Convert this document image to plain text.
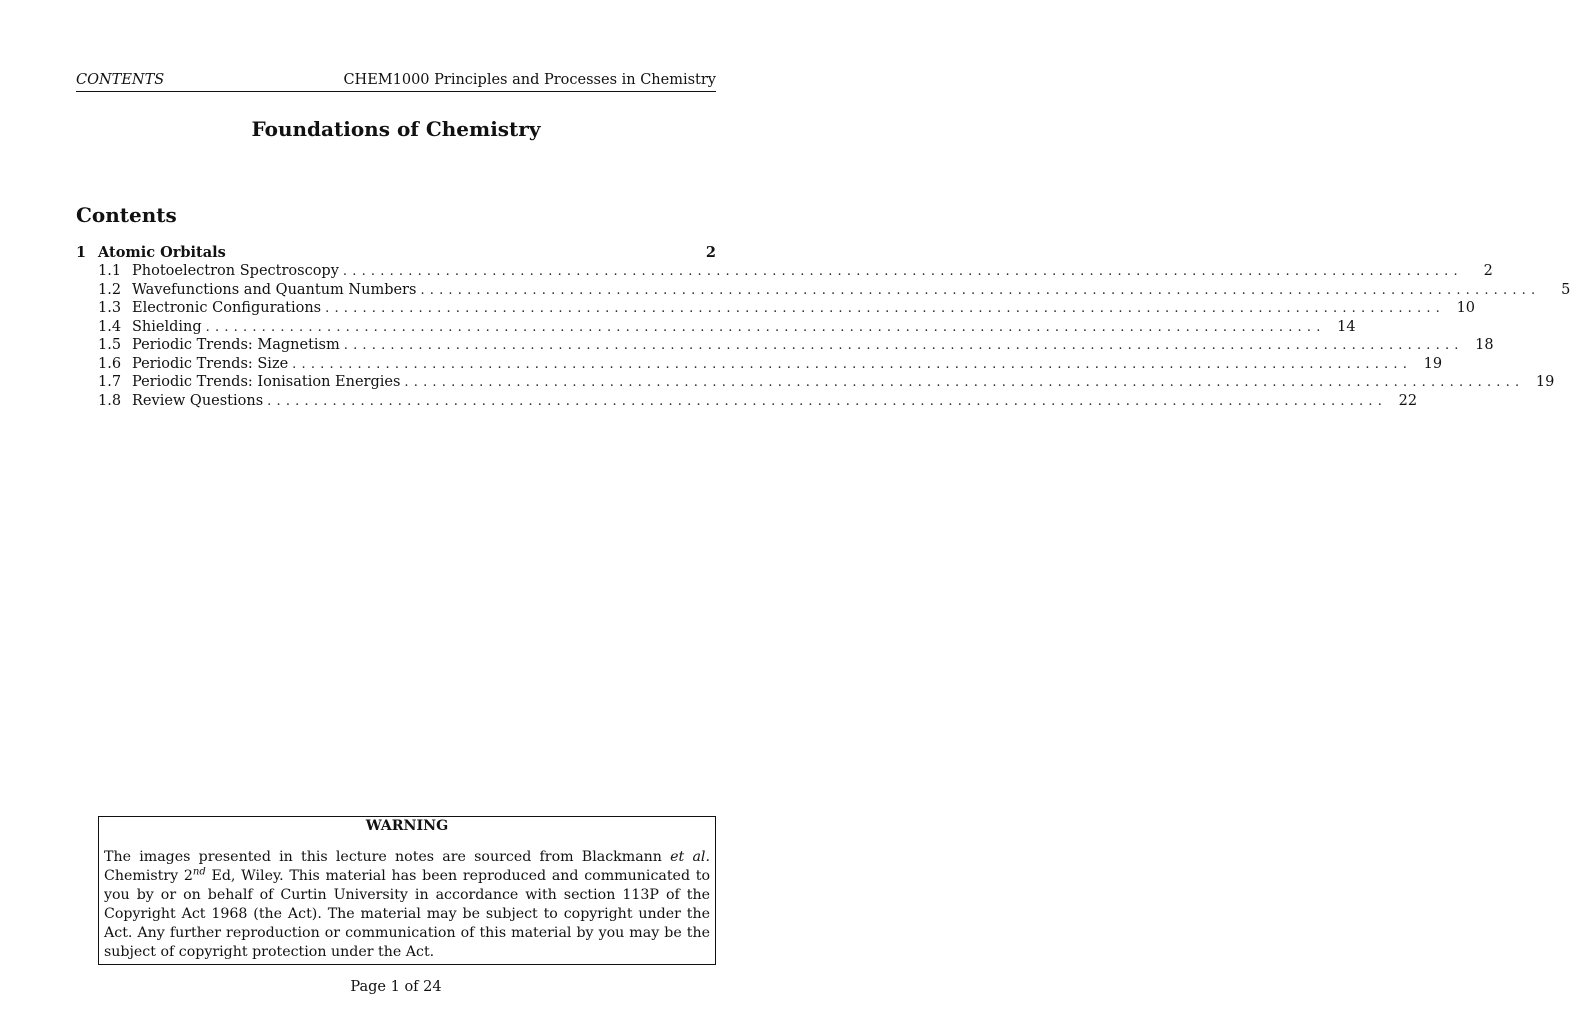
CONTENTS	CHEM1000 Principles and Processes in Chemistry
Foundations of Chemistry
Contents
1 Atomic Orbitals	2
1.1 Photoelectron Spectroscopy ........................................................................................................................	2
1.2 Wavefunctions and Quantum Numbers ........................................................................................................................	5
1.3 Electronic Configurations ........................................................................................................................ 10
1.4 Shielding ........................................................................................................................ 14
1.5 Periodic Trends: Magnetism ........................................................................................................................ 18
1.6 Periodic Trends: Size ........................................................................................................................ 19
1.7 Periodic Trends: Ionisation Energies ........................................................................................................................ 19
1.8 Review Questions ........................................................................................................................ 22

WARNING

The images presented in this lecture notes are sourced from Blackmann et al. Chemistry 2nd Ed, Wiley. This material has been reproduced and communicated to you by or on behalf of Curtin University in accordance with section 113P of the Copyright Act 1968 (the Act). The material may be subject to copyright under the Act. Any further reproduction or communication of this material by you may be the subject of copyright protection under the Act.

Page 1 of 24
